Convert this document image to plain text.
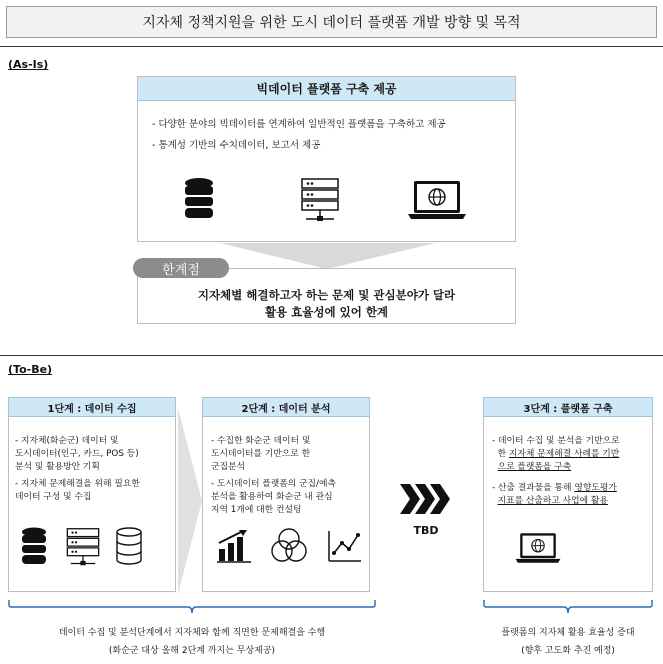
지자체 정책지원을 위한 도시 데이터 플랫폼 개발 방향 및 목적
(As-Is)
빅데이터 플랫폼 구축 제공
- 다양한 분야의 빅데이터를 연계하여 일반적인 플랫폼을 구축하고 제공
- 통계성 기반의 수치데이터, 보고서 제공
지자체별 해결하고자 하는 문제 및 관심분야가 달라
활용 효율성에 있어 한계
한계점
(To-Be)
- 지자체(화순군) 데이터 및
도시데이터(인구, 카드, POS 등)
분석 및 활용방안 기획
- 지자체 문제해결을 위해 필요한
데이터 구성 및 수집
1단계 : 데이터 수집
- 수집한 화순군 데이터 및
도시데이터를 기반으로 한
군집분석
- 도시데이터 플랫폼의 군집/예측
분석을 활용하여 화순군 내 관심
지역 1개에 대한 컨설팅
2단계 : 데이터 분석
TBD
- 데이터 수집 및 분석을 기반으로
한 지자체 문제해결 사례를 기반
으로 플랫폼을 구축
- 산출 결과물을 통해 영향도평가
지표를 산출하고 사업에 활용
3단계 : 플랫폼 구축
데이터 수집 및 분석단계에서 지자체와 함께 직면한 문제해결을 수행
(화순군 대상 올해 2단계 까지는 무상제공)
플랫폼의 지자체 활용 효율성 증대
(향후 고도화 추진 예정)
